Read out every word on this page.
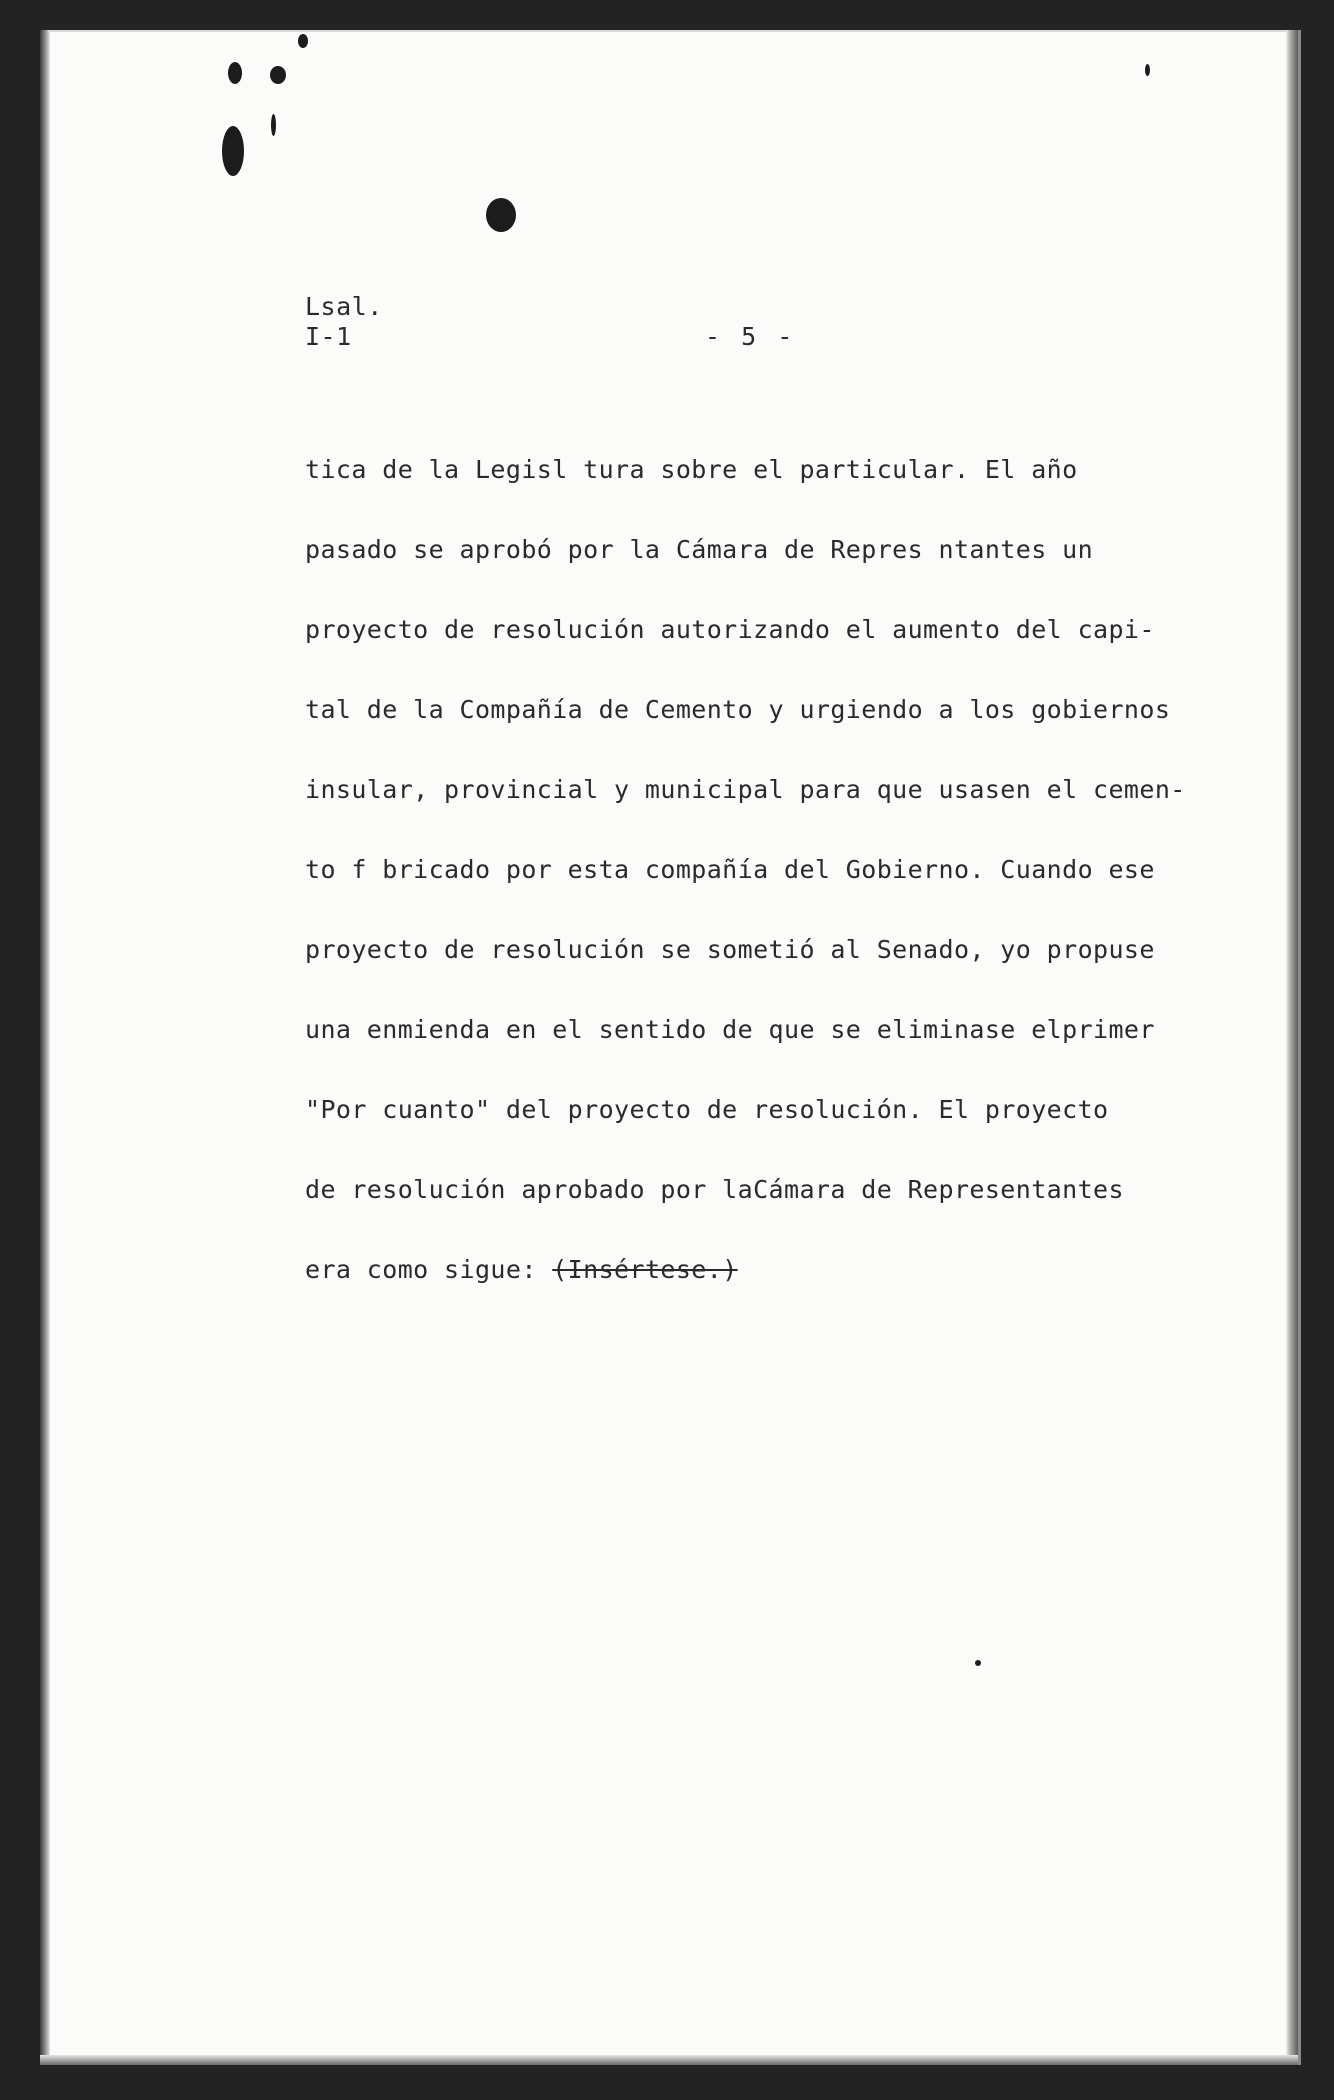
Lsal.
I-1	- 5 -
tica de la Legisl tura sobre el particular. El año
pasado se aprobó por la Cámara de Repres ntantes un
proyecto de resolución autorizando el aumento del capi-
tal de la Compañía de Cemento y urgiendo a los gobiernos
insular, provincial y municipal para que usasen el cemen-
to f bricado por esta compañía del Gobierno. Cuando ese
proyecto de resolución se sometió al Senado, yo propuse
una enmienda en el sentido de que se eliminase elprimer
"Por cuanto" del proyecto de resolución. El proyecto
de resolución aprobado por laCámara de Representantes
era como sigue: (Insértese.)
